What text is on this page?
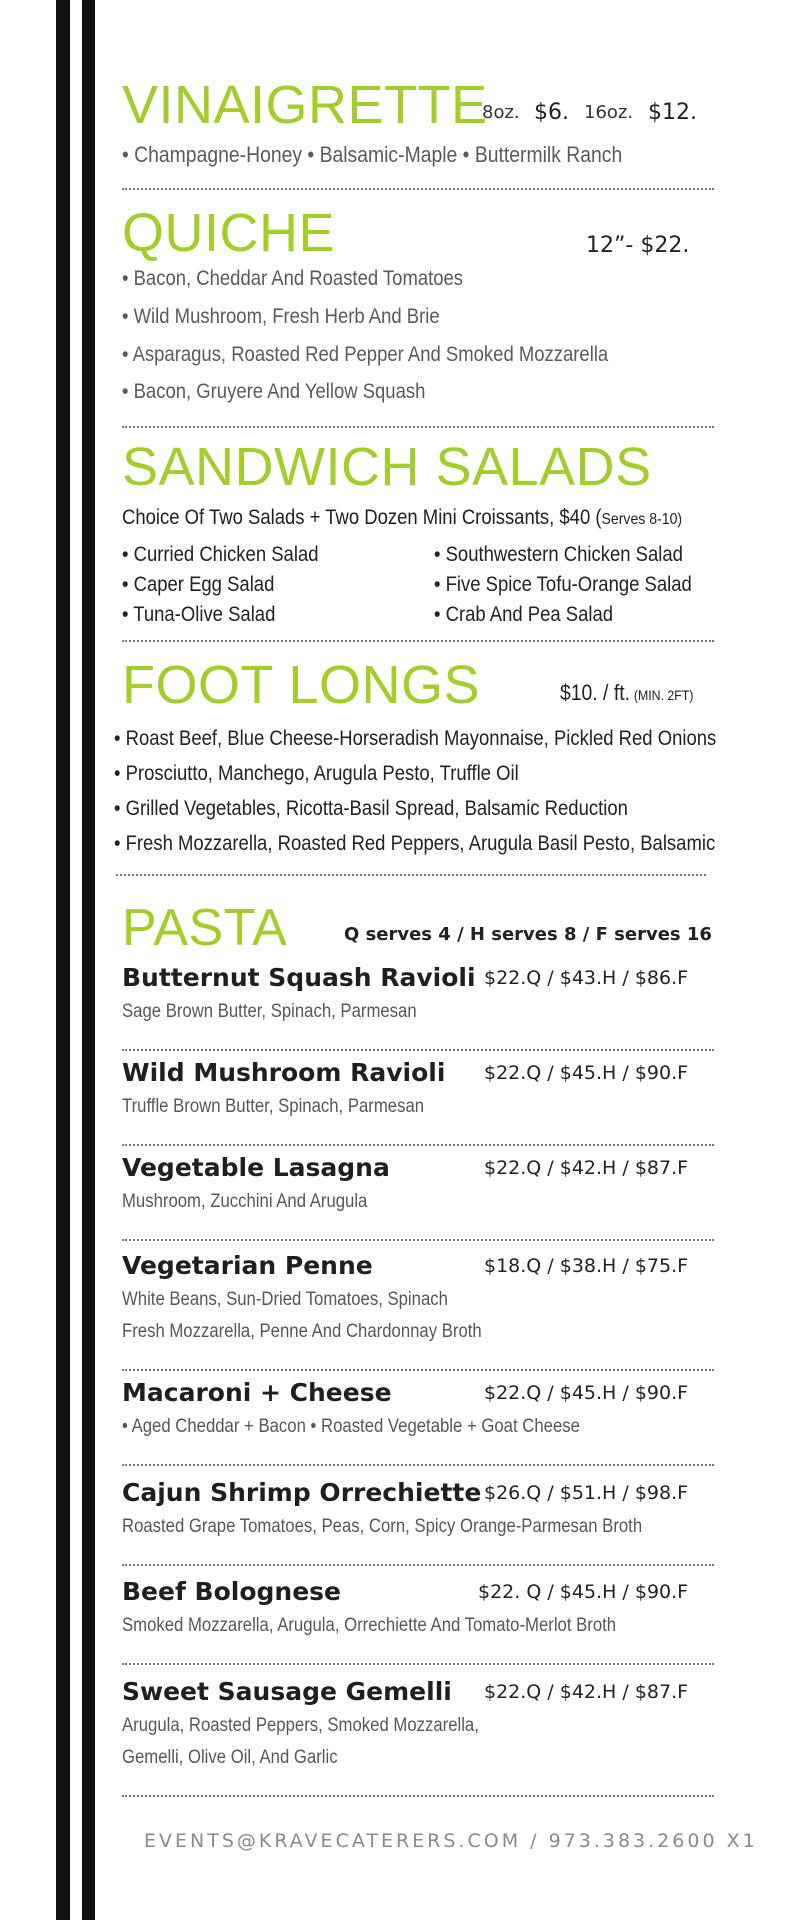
VINAIGRETTE
8oz. $6. 16oz. $12.
• Champagne-Honey • Balsamic-Maple • Buttermilk Ranch
QUICHE	12”- $22.
• Bacon, Cheddar And Roasted Tomatoes
• Wild Mushroom, Fresh Herb And Brie
• Asparagus, Roasted Red Pepper And Smoked Mozzarella
• Bacon, Gruyere And Yellow Squash
SANDWICH SALADS
Choice Of Two Salads + Two Dozen Mini Croissants, $40 (Serves 8-10)
• Curried Chicken Salad
• Caper Egg Salad
• Tuna-Olive Salad
• Southwestern Chicken Salad
• Five Spice Tofu-Orange Salad
• Crab And Pea Salad
FOOT LONGS	$10. / ft. (MIN. 2FT)
• Roast Beef, Blue Cheese-Horseradish Mayonnaise, Pickled Red Onions
• Prosciutto, Manchego, Arugula Pesto, Truffle Oil
• Grilled Vegetables, Ricotta-Basil Spread, Balsamic Reduction
• Fresh Mozzarella, Roasted Red Peppers, Arugula Basil Pesto, Balsamic
PASTA	Q serves 4 / H serves 8 / F serves 16
Butternut Squash Ravioli $22.Q / $43.H / $86.F
Sage Brown Butter, Spinach, Parmesan
Wild Mushroom Ravioli $22.Q / $45.H / $90.F
Truffle Brown Butter, Spinach, Parmesan
Vegetable Lasagna	$22.Q / $42.H / $87.F
Mushroom, Zucchini And Arugula
Vegetarian Penne	$18.Q / $38.H / $75.F
White Beans, Sun-Dried Tomatoes, Spinach
Fresh Mozzarella, Penne And Chardonnay Broth
Macaroni + Cheese	$22.Q / $45.H / $90.F
• Aged Cheddar + Bacon • Roasted Vegetable + Goat Cheese
Cajun Shrimp Orrechiette $26.Q / $51.H / $98.F
Roasted Grape Tomatoes, Peas, Corn, Spicy Orange-Parmesan Broth
Beef Bolognese	$22. Q / $45.H / $90.F
Smoked Mozzarella, Arugula, Orrechiette And Tomato-Merlot Broth
Sweet Sausage Gemelli $22.Q / $42.H / $87.F
Arugula, Roasted Peppers, Smoked Mozzarella,
Gemelli, Olive Oil, And Garlic
EVENTS@KRAVECATERERS.COM / 973.383.2600 X1
